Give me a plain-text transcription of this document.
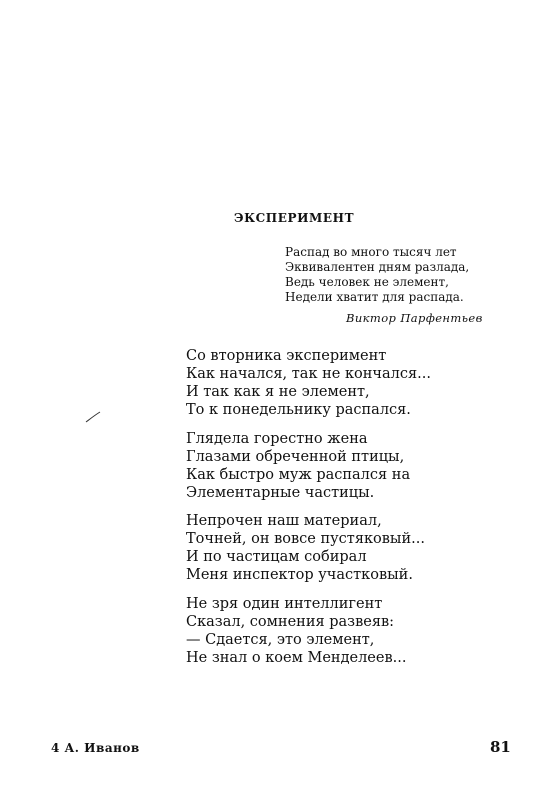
ЭКСПЕРИМЕНТ
Распад во много тысяч лет
Эквивалентен дням разлада,
Ведь человек не элемент,
Недели хватит для распада.
Виктор Парфентьев
Со вторника эксперимент
Как начался, так не кончался...
И так как я не элемент,
То к понедельнику распался.
Глядела горестно жена
Глазами обреченной птицы,
Как быстро муж распался на
Элементарные частицы.
Непрочен наш материал,
Точней, он вовсе пустяковый...
И по частицам собирал
Меня инспектор участковый.
Не зря один интеллигент
Сказал, сомнения развеяв:
— Сдается, это элемент,
Не знал о коем Менделеев...
4 А. Иванов	81
